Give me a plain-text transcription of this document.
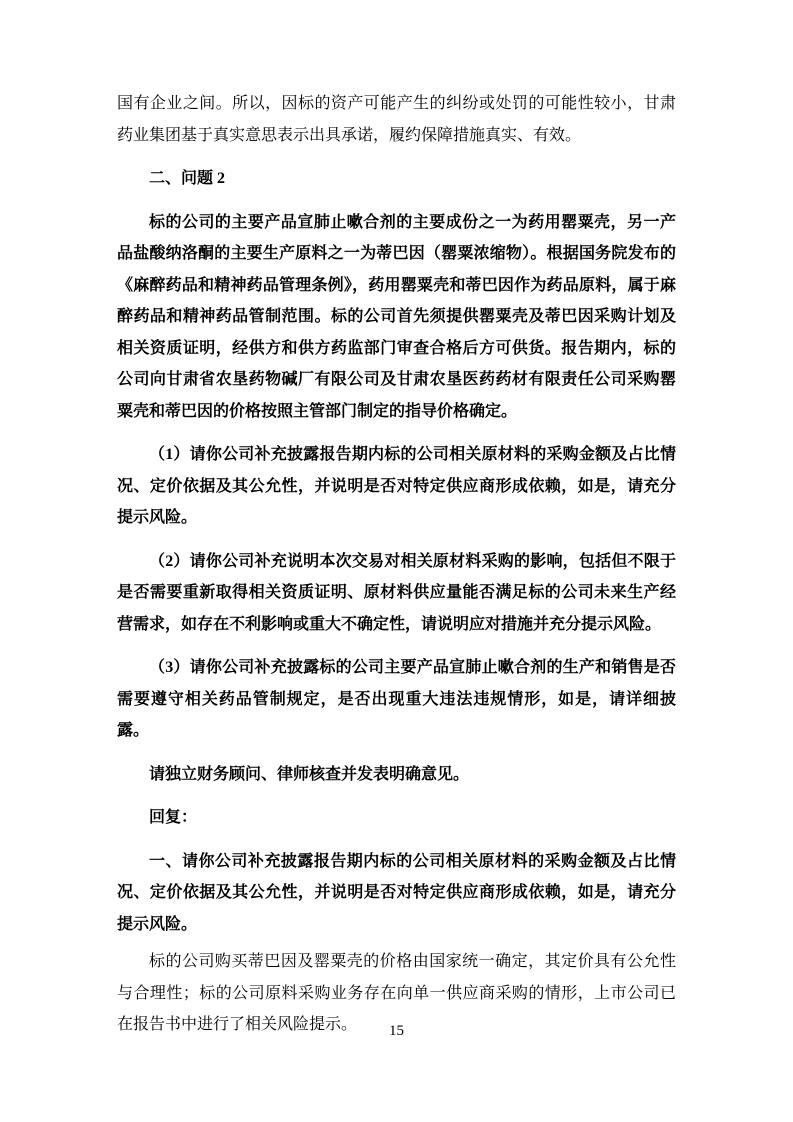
国有企业之间。所以，因标的资产可能产生的纠纷或处罚的可能性较小，甘肃药业集团基于真实意思表示出具承诺，履约保障措施真实、有效。

二、问题 2

标的公司的主要产品宣肺止嗽合剂的主要成份之一为药用罂粟壳，另一产品盐酸纳洛酮的主要生产原料之一为蒂巴因（罂粟浓缩物）。根据国务院发布的《麻醉药品和精神药品管理条例》，药用罂粟壳和蒂巴因作为药品原料，属于麻醉药品和精神药品管制范围。标的公司首先须提供罂粟壳及蒂巴因采购计划及相关资质证明，经供方和供方药监部门审查合格后方可供货。报告期内，标的公司向甘肃省农垦药物碱厂有限公司及甘肃农垦医药药材有限责任公司采购罂粟壳和蒂巴因的价格按照主管部门制定的指导价格确定。

（1）请你公司补充披露报告期内标的公司相关原材料的采购金额及占比情况、定价依据及其公允性，并说明是否对特定供应商形成依赖，如是，请充分提示风险。

（2）请你公司补充说明本次交易对相关原材料采购的影响，包括但不限于是否需要重新取得相关资质证明、原材料供应量能否满足标的公司未来生产经营需求，如存在不利影响或重大不确定性，请说明应对措施并充分提示风险。

（3）请你公司补充披露标的公司主要产品宣肺止嗽合剂的生产和销售是否需要遵守相关药品管制规定，是否出现重大违法违规情形，如是，请详细披露。

请独立财务顾问、律师核查并发表明确意见。

回复：

一、请你公司补充披露报告期内标的公司相关原材料的采购金额及占比情况、定价依据及其公允性，并说明是否对特定供应商形成依赖，如是，请充分提示风险。

标的公司购买蒂巴因及罂粟壳的价格由国家统一确定，其定价具有公允性与合理性；标的公司原料采购业务存在向单一供应商采购的情形，上市公司已在报告书中进行了相关风险提示。	15
